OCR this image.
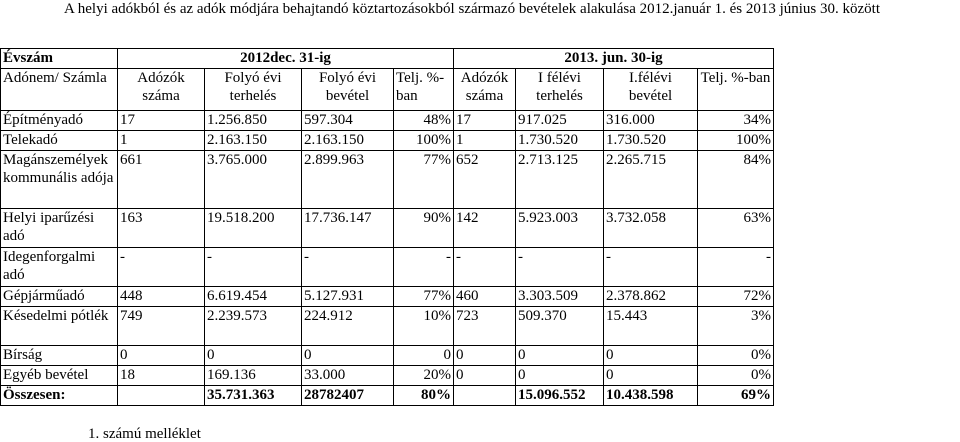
A helyi adókból és az adók módjára behajtandó köztartozásokból származó bevételek alakulása 2012.január 1. és 2013 június 30. között
Évszám	2012dec. 31-ig				2013. jun. 30-ig			
Adónem/ Számla	Adózók száma	Folyó évi terhelés	Folyó évi bevétel	Telj. %-ban	Adózók száma	I félévi terhelés	I.félévi bevétel	Telj. %-ban
Építményadó	17	1.256.850	597.304	48%	17	917.025	316.000	34%
Telekadó	1	2.163.150	2.163.150	100%	1	1.730.520	1.730.520	100%
Magánszemélyek kommunális adója	661	3.765.000	2.899.963	77%	652	2.713.125	2.265.715	84%
Helyi iparűzési adó	163	19.518.200	17.736.147	90%	142	5.923.003	3.732.058	63%
Idegenforgalmi adó	-	-	-	-	-	-	-	-
Gépjárműadó	448	6.619.454	5.127.931	77%	460	3.303.509	2.378.862	72%
Késedelmi pótlék	749	2.239.573	224.912	10%	723	509.370	15.443	3%
Bírság	0	0	0	0	0	0	0	0%
Egyéb bevétel	18	169.136	33.000	20%	0	0	0	0%
Összesen:		35.731.363	28782407	80%		15.096.552	10.438.598	69%
1. számú melléklet
